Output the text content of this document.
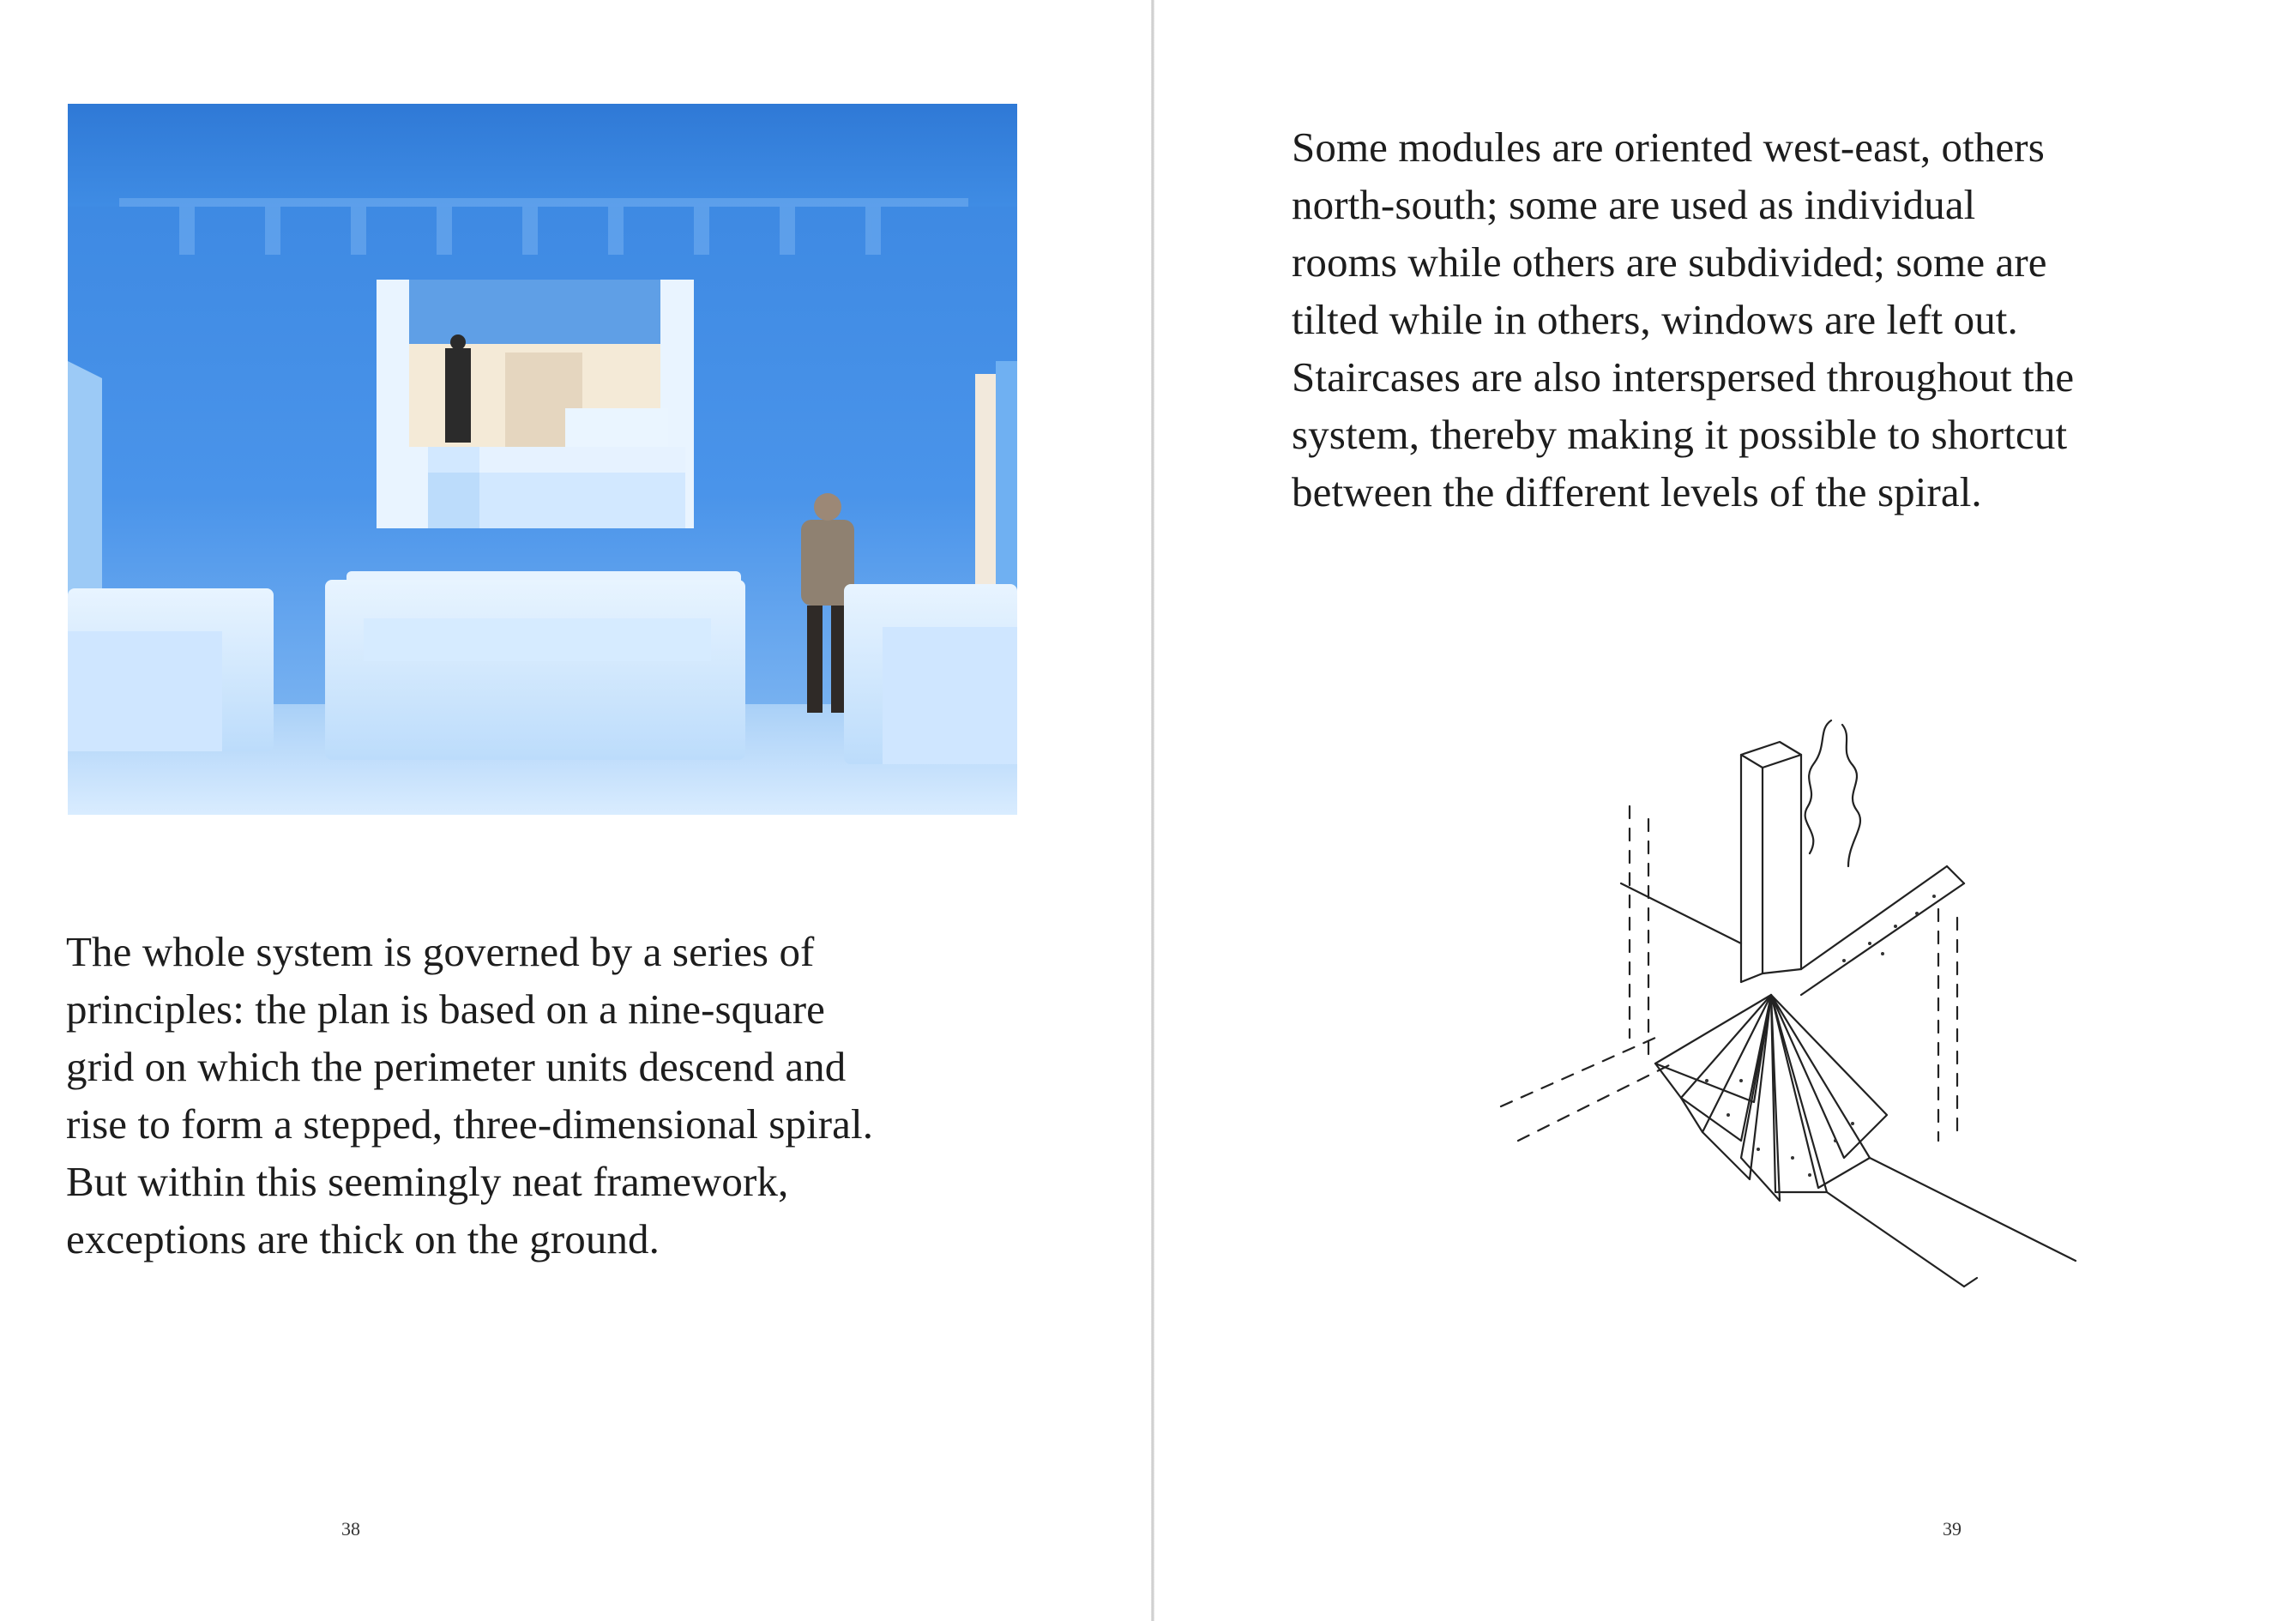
The whole system is governed by a series of

principles: the plan is based on a nine-square

grid on which the perimeter units descend and

rise to form a stepped, three-dimensional spiral.

But within this seemingly neat framework,

exceptions are thick on the ground.

38

Some modules are oriented west-east, others

north-south; some are used as individual

rooms while others are subdivided; some are

tilted while in others, windows are left out.

Staircases are also interspersed throughout the

system, thereby making it possible to shortcut

between the different levels of the spiral.

39
